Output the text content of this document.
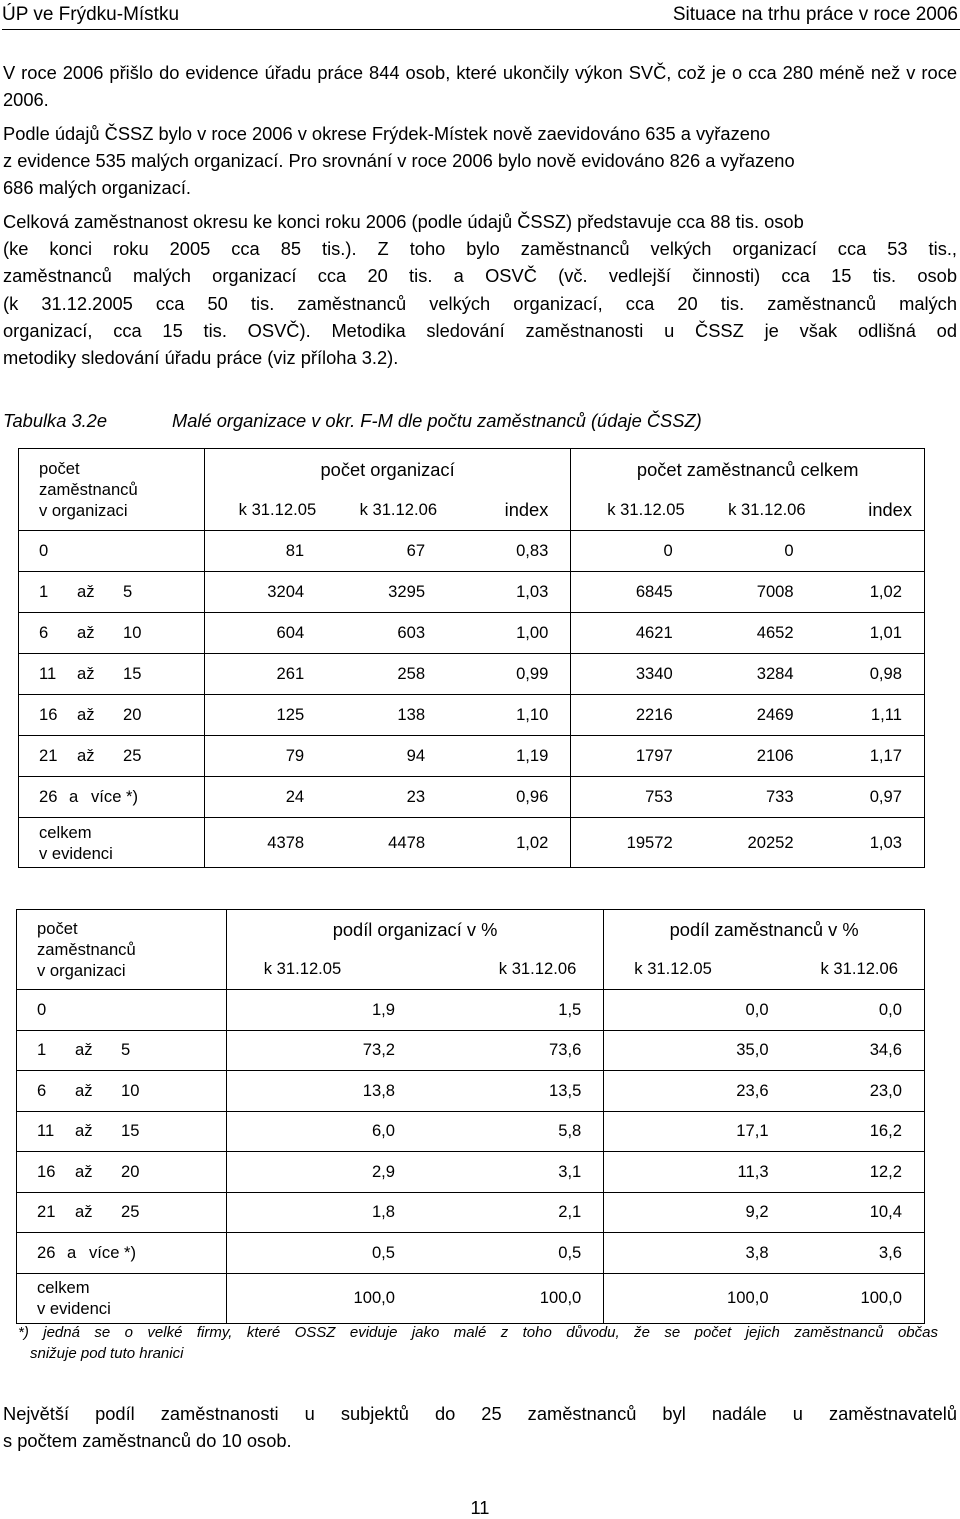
ÚP ve Frýdku-Místku	Situace na trhu práce v roce 2006
V roce 2006 přišlo do evidence úřadu práce 844 osob, které ukončily výkon SVČ, což je o cca 280 méně než v roce 2006.
Podle údajů ČSSZ bylo v roce 2006 v okrese Frýdek-Místek nově zaevidováno 635 a vyřazeno
z evidence 535 malých organizací. Pro srovnání v roce 2006 bylo nově evidováno 826 a vyřazeno
686 malých organizací.
Celková zaměstnanost okresu ke konci roku 2006 (podle údajů ČSSZ) představuje cca 88 tis. osob
(ke konci roku 2005 cca 85 tis.). Z toho bylo zaměstnanců velkých organizací cca 53 tis.,
zaměstnanců malých organizací cca 20 tis. a OSVČ (vč. vedlejší činnosti) cca 15 tis. osob
(k 31.12.2005 cca 50 tis. zaměstnanců velkých organizací, cca 20 tis. zaměstnanců malých
organizací, cca 15 tis. OSVČ). Metodika sledování zaměstnanosti u ČSSZ je však odlišná od
metodiky sledování úřadu práce (viz příloha 3.2).
Tabulka 3.2e	Malé organizace v okr. F-M dle počtu zaměstnanců (údaje ČSSZ)
počet
zaměstnanců
v organizaci	počet organizací			počet zaměstnanců celkem		
	k 31.12.05	k 31.12.06	index	k 31.12.05	k 31.12.06	index
0	81	67	0,83	0	0	
1 až 5	3204	3295	1,03	6845	7008	1,02
6 až 10	604	603	1,00	4621	4652	1,01
11 až 15	261	258	0,99	3340	3284	0,98
16 až 20	125	138	1,10	2216	2469	1,11
21 až 25	79	94	1,19	1797	2106	1,17
26 a více *)	24	23	0,96	753	733	0,97

celkem
v evidenci	4378	4478	1,02	19572	20252	1,03
počet
zaměstnanců
v organizaci	podíl organizací v %		podíl zaměstnanců v %	
	k 31.12.05	k 31.12.06	k 31.12.05	k 31.12.06
0	1,9	1,5	0,0	0,0
1 až 5	73,2	73,6	35,0	34,6
6 až 10	13,8	13,5	23,6	23,0
11 až 15	6,0	5,8	17,1	16,2
16 až 20	2,9	3,1	11,3	12,2
21 až 25	1,8	2,1	9,2	10,4
26 a více *)	0,5	0,5	3,8	3,6

celkem
v evidenci	100,0	100,0	100,0	100,0
*) jedná se o velké firmy, které OSSZ eviduje jako malé z toho důvodu, že se počet jejich zaměstnanců občas
snižuje pod tuto hranici
Největší podíl zaměstnanosti u subjektů do 25 zaměstnanců byl nadále u zaměstnavatelů
s počtem zaměstnanců do 10 osob.
11
